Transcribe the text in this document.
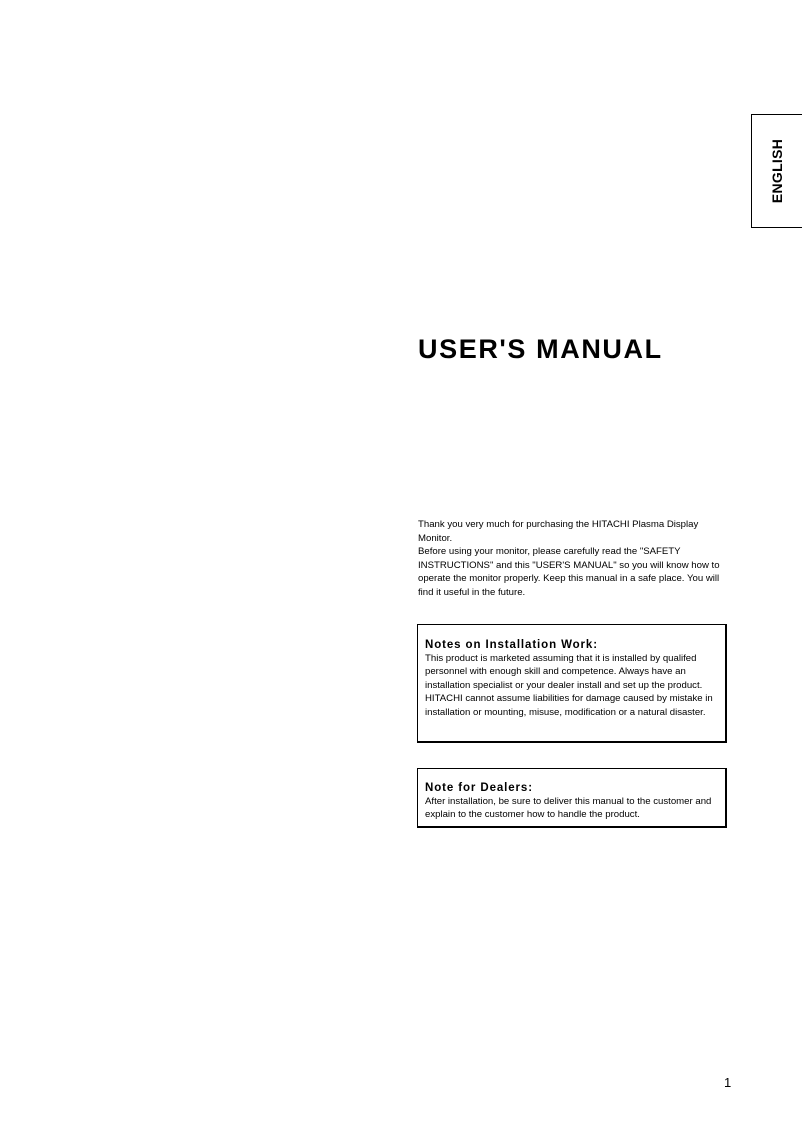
ENGLISH
USER'S MANUAL

Thank you very much for purchasing the HITACHI Plasma Display Monitor.

Before using your monitor, please carefully read the "SAFETY INSTRUCTIONS" and this "USER'S MANUAL" so you will know how to operate the monitor properly. Keep this manual in a safe place. You will find it useful in the future.

Notes on Installation Work:

This product is marketed assuming that it is installed by qualifed personnel with enough skill and competence. Always have an installation specialist or your dealer install and set up the product. HITACHI cannot assume liabilities for damage caused by mistake in installation or mounting, misuse, modification or a natural disaster.

Note for Dealers:

After installation, be sure to deliver this manual to the customer and explain to the customer how to handle the product.

1
